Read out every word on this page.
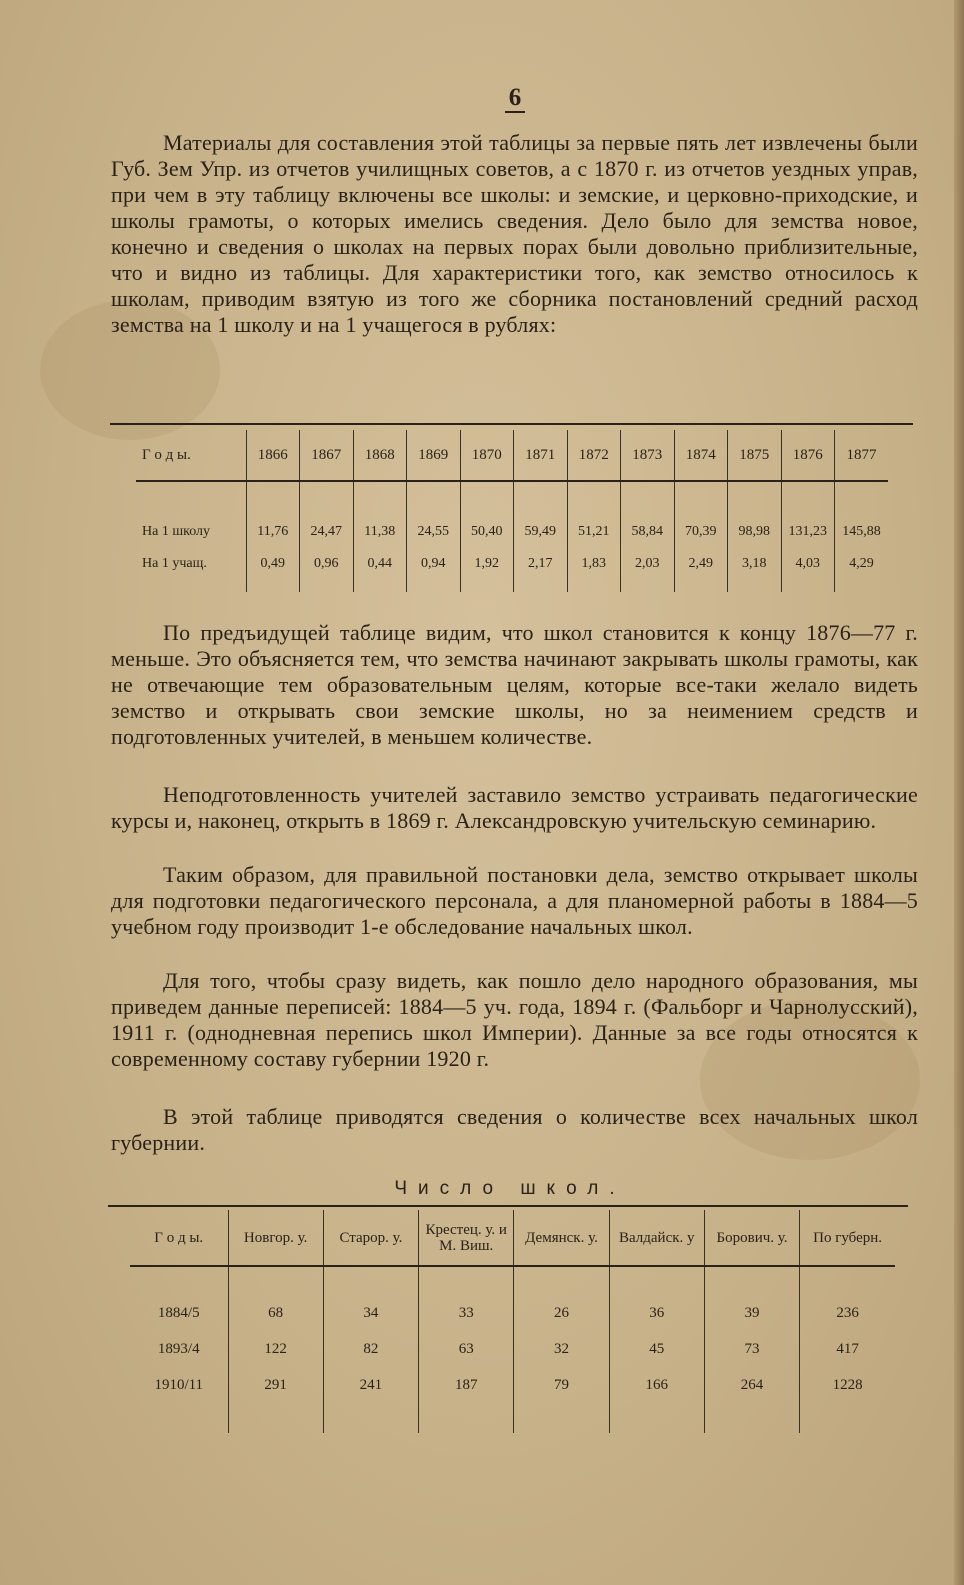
6

Материалы для составления этой таблицы за первые пять лет извлечены были Губ. Зем Упр. из отчетов училищных советов, а с 1870 г. из отчетов уездных управ, при чем в эту таблицу включены все школы: и земские, и церковно-приходские, и школы грамоты, о которых имелись сведения. Дело было для земства новое, конечно и сведения о школах на первых порах были довольно приблизительные, что и видно из таблицы. Для характеристики того, как земство относилось к школам, приводим взятую из того же сборника постановлений средний расход земства на 1 школу и на 1 учащегося в рублях:

Г о д ы.	1866	1867	1868	1869	1870	1871	1872	1873	1874	1875	1876	1877

На 1 школу	11,76	24,47	11,38	24,55	50,40	59,49	51,21	58,84	70,39	98,98	131,23	145,88
На 1 учащ.	0,49	0,96	0,44	0,94	1,92	2,17	1,83	2,03	2,49	3,18	4,03	4,29

По предъидущей таблице видим, что школ становится к концу 1876—77 г. меньше. Это объясняется тем, что земства начинают закрывать школы грамоты, как не отвечающие тем образовательным целям, которые все-таки желало видеть земство и открывать свои земские школы, но за неимением средств и подготовленных учителей, в меньшем количестве.

Неподготовленность учителей заставило земство устраивать педагогические курсы и, наконец, открыть в 1869 г. Александровскую учительскую семинарию.

Таким образом, для правильной постановки дела, земство открывает школы для подготовки педагогического персонала, а для планомерной работы в 1884—5 учебном году производит 1-е обследование начальных школ.

Для того, чтобы сразу видеть, как пошло дело народного образования, мы приведем данные переписей: 1884—5 уч. года, 1894 г. (Фальборг и Чарнолусский), 1911 г. (однодневная перепись школ Империи). Данные за все годы относятся к современному составу губернии 1920 г.

В этой таблице приводятся сведения о количестве всех начальных школ губернии.

Число школ.
Г о д ы.	Новгор. у.	Старор. у.	Крестец. у. и М. Виш.	Демянск. у.	Валдайск. у	Борович. у.	По губерн.

1884/5	68	34	33	26	36	39	236
1893/4	122	82	63	32	45	73	417
1910/11	291	241	187	79	166	264	1228
